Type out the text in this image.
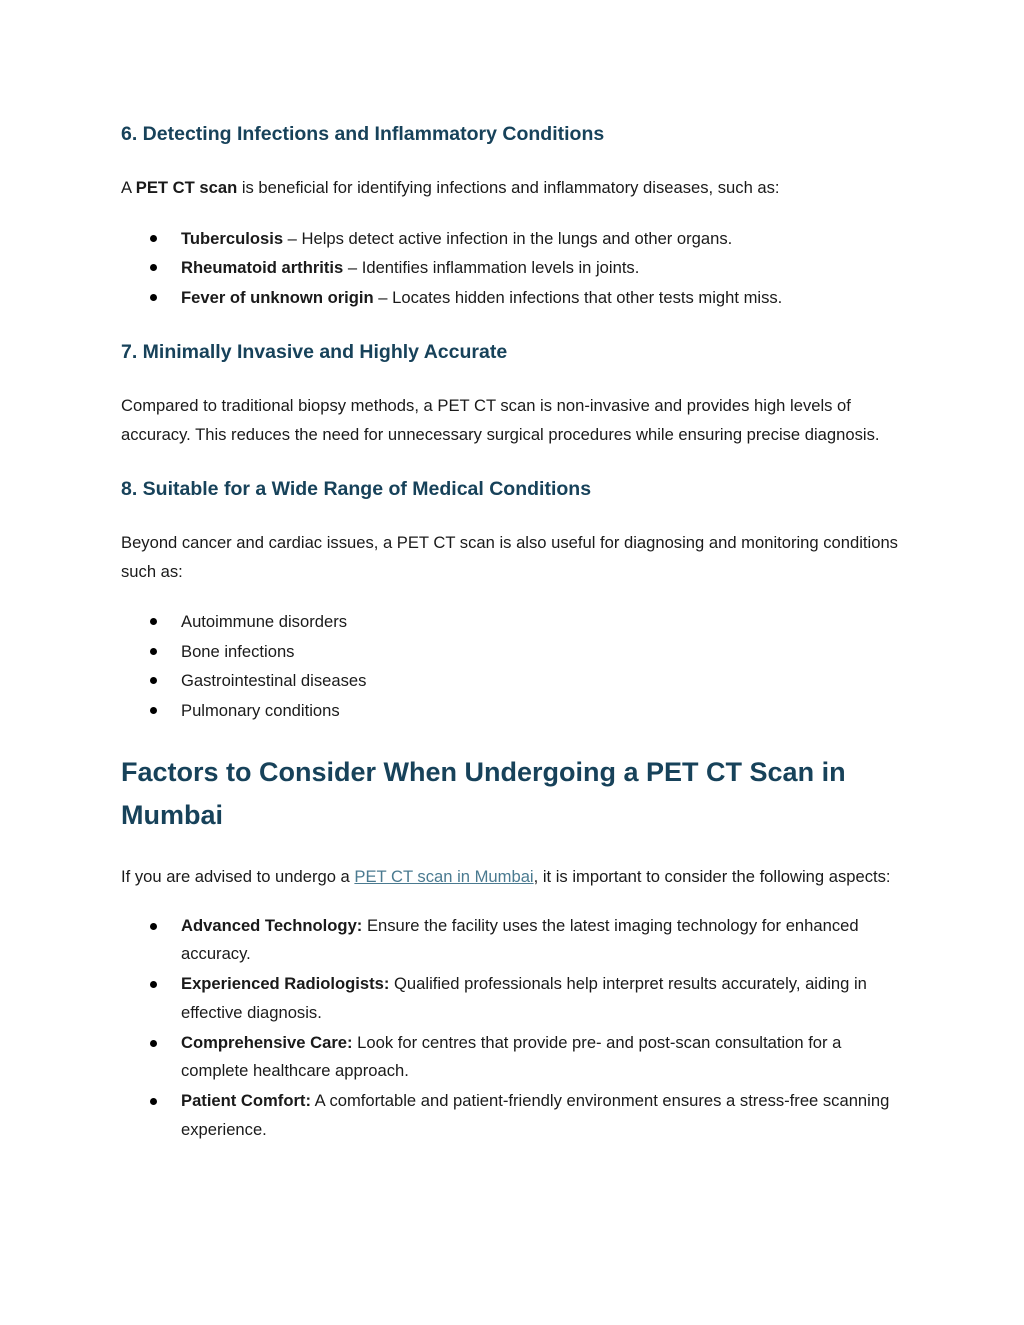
6. Detecting Infections and Inflammatory Conditions

A PET CT scan is beneficial for identifying infections and inflammatory diseases, such as:

Tuberculosis – Helps detect active infection in the lungs and other organs.
Rheumatoid arthritis – Identifies inflammation levels in joints.
Fever of unknown origin – Locates hidden infections that other tests might miss.
7. Minimally Invasive and Highly Accurate

Compared to traditional biopsy methods, a PET CT scan is non-invasive and provides high levels of accuracy. This reduces the need for unnecessary surgical procedures while ensuring precise diagnosis.

8. Suitable for a Wide Range of Medical Conditions

Beyond cancer and cardiac issues, a PET CT scan is also useful for diagnosing and monitoring conditions such as:

Autoimmune disorders
Bone infections
Gastrointestinal diseases
Pulmonary conditions
Factors to Consider When Undergoing a PET CT Scan in Mumbai

If you are advised to undergo a PET CT scan in Mumbai, it is important to consider the following aspects:

Advanced Technology: Ensure the facility uses the latest imaging technology for enhanced accuracy.
Experienced Radiologists: Qualified professionals help interpret results accurately, aiding in effective diagnosis.
Comprehensive Care: Look for centres that provide pre- and post-scan consultation for a complete healthcare approach.
Patient Comfort: A comfortable and patient-friendly environment ensures a stress-free scanning experience.
